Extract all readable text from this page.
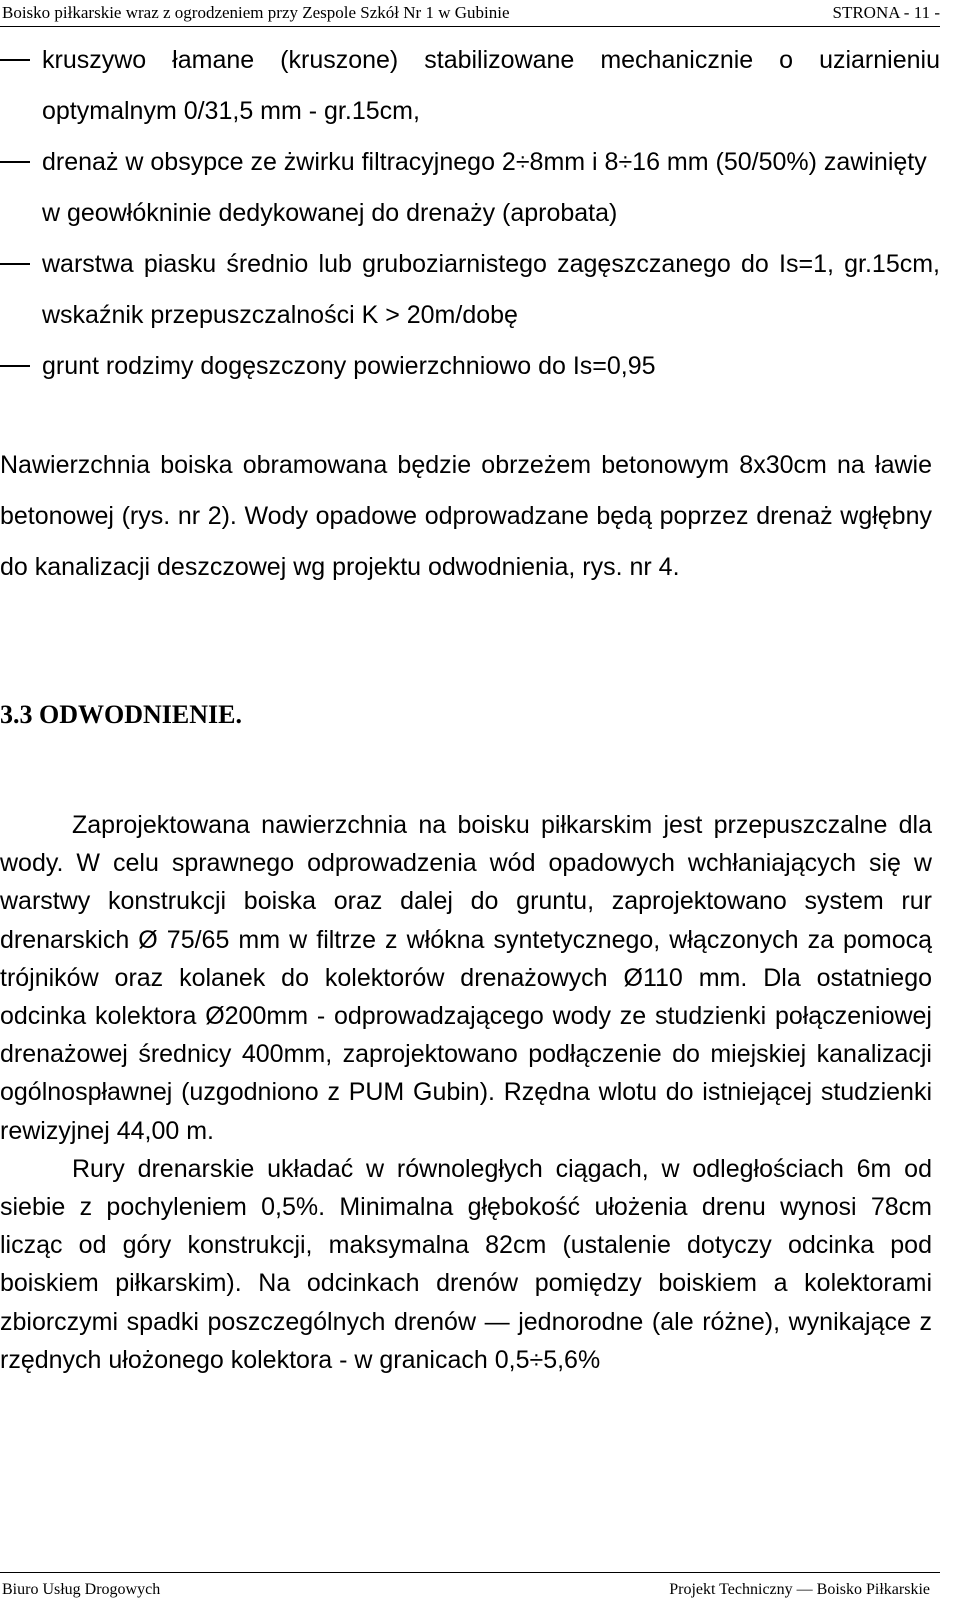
Boisko piłkarskie wraz z ogrodzeniem przy Zespole Szkół Nr 1 w Gubinie	STRONA - 11 -
kruszywo łamane (kruszone) stabilizowane mechanicznie o uziarnieniu optymalnym 0/31,5 mm - gr.15cm,
drenaż w obsypce ze żwirku filtracyjnego 2÷8mm i 8÷16 mm (50/50%) zawinięty w geowłókninie dedykowanej do drenaży (aprobata)
warstwa piasku średnio lub gruboziarnistego zagęszczanego do Is=1, gr.15cm, wskaźnik przepuszczalności K > 20m/dobę
grunt rodzimy dogęszczony powierzchniowo do Is=0,95
Nawierzchnia boiska obramowana będzie obrzeżem betonowym 8x30cm na ławie betonowej (rys. nr 2). Wody opadowe odprowadzane będą poprzez drenaż wgłębny do kanalizacji deszczowej wg projektu odwodnienia, rys. nr 4.
3.3 ODWODNIENIE.
Zaprojektowana nawierzchnia na boisku piłkarskim jest przepuszczalne dla wody. W celu sprawnego odprowadzenia wód opadowych wchłaniających się w warstwy konstrukcji boiska oraz dalej do gruntu, zaprojektowano system rur drenarskich Ø 75/65 mm w filtrze z włókna syntetycznego, włączonych za pomocą trójników oraz kolanek do kolektorów drenażowych Ø110 mm. Dla ostatniego odcinka kolektora Ø200mm - odprowadzającego wody ze studzienki połączeniowej drenażowej średnicy 400mm, zaprojektowano podłączenie do miejskiej kanalizacji ogólnospławnej (uzgodniono z PUM Gubin). Rzędna wlotu do istniejącej studzienki rewizyjnej 44,00 m.
Rury drenarskie układać w równoległych ciągach, w odległościach 6m od siebie z pochyleniem 0,5%. Minimalna głębokość ułożenia drenu wynosi 78cm licząc od góry konstrukcji, maksymalna 82cm (ustalenie dotyczy odcinka pod boiskiem piłkarskim). Na odcinkach drenów pomiędzy boiskiem a kolektorami zbiorczymi spadki poszczególnych drenów — jednorodne (ale różne), wynikające z rzędnych ułożonego kolektora - w granicach 0,5÷5,6%
Biuro Usług Drogowych	Projekt Techniczny — Boisko Piłkarskie
